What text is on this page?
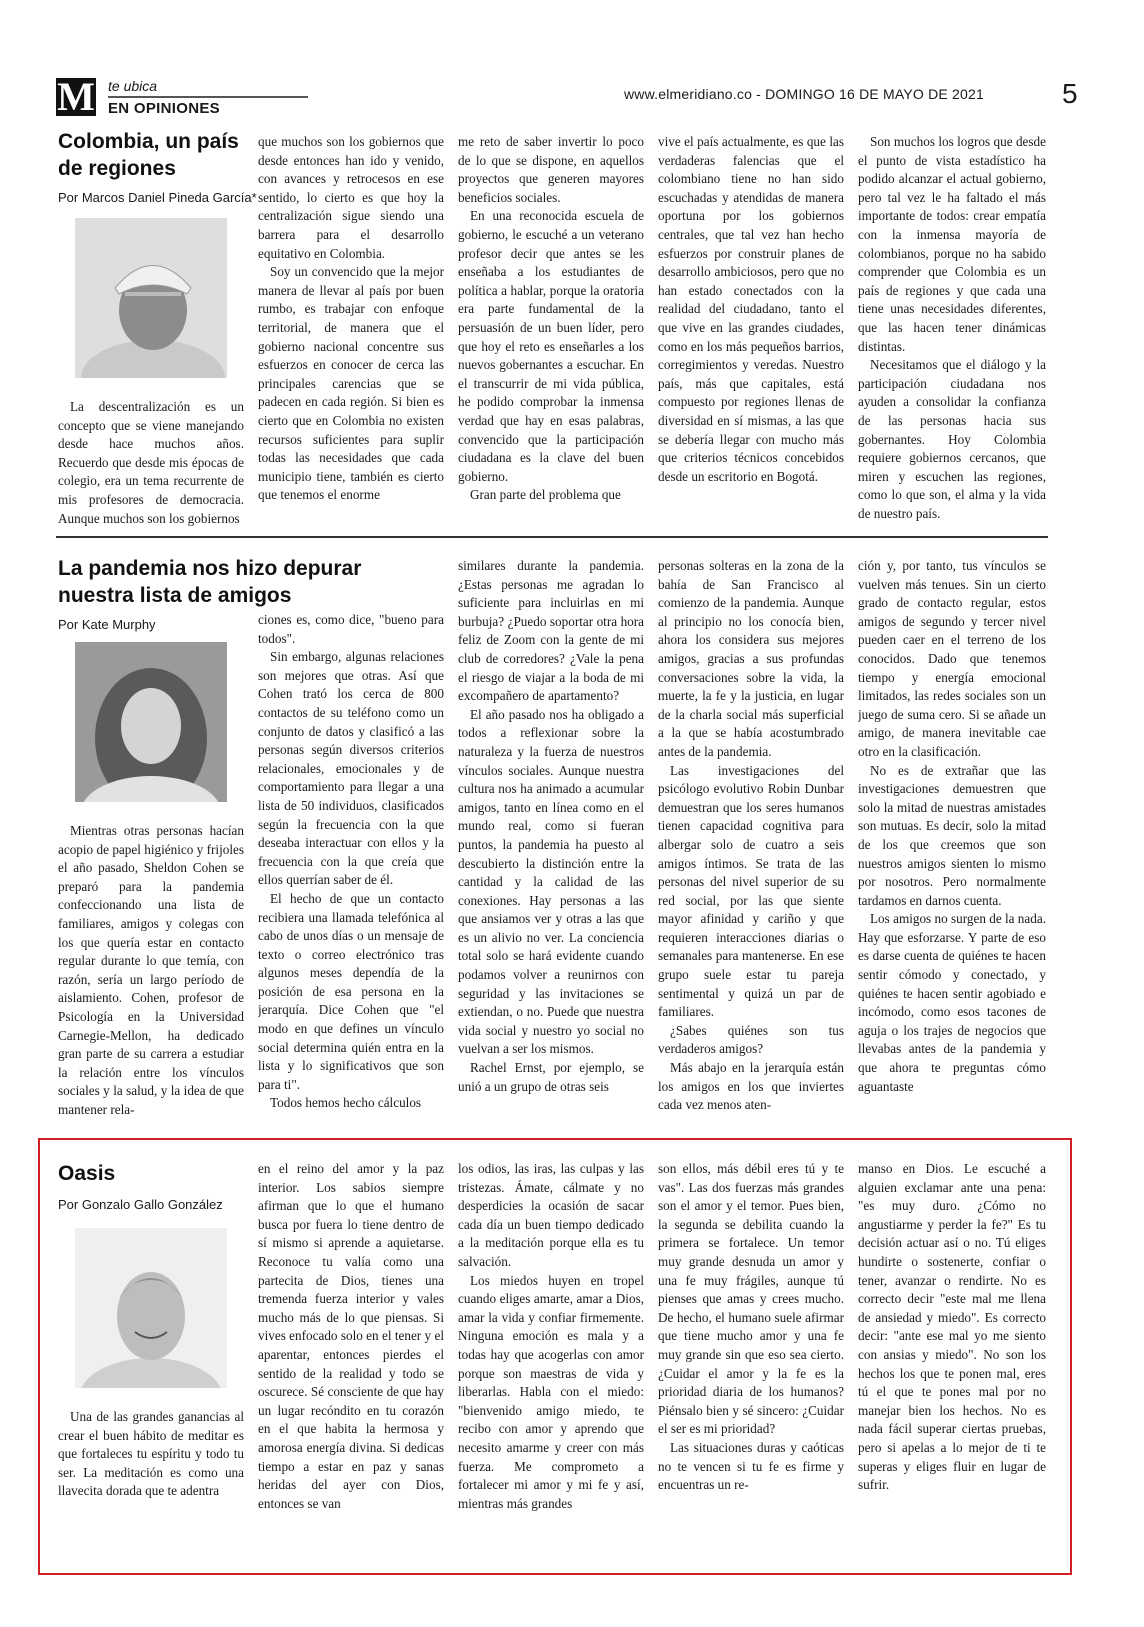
M te ubica
EN OPINIONES
www.elmeridiano.co - DOMINGO 16 DE MAYO DE 2021	5
Colombia, un país
de regiones
Por Marcos Daniel Pineda García*

La descentralización es un concepto que se viene manejando desde hace muchos años. Recuerdo que desde mis épocas de colegio, era un tema recurrente de mis profesores de democracia. Aunque muchos son los gobiernos

que muchos son los gobiernos que desde entonces han ido y venido, con avances y retrocesos en ese sentido, lo cierto es que hoy la centralización sigue siendo una barrera para el desarrollo equitativo en Colombia.

Soy un convencido que la mejor manera de llevar al país por buen rumbo, es trabajar con enfoque territorial, de manera que el gobierno nacional concentre sus esfuerzos en conocer de cerca las principales carencias que se padecen en cada región. Si bien es cierto que en Colombia no existen recursos suficientes para suplir todas las necesidades que cada municipio tiene, también es cierto que tenemos el enorme

me reto de saber invertir lo poco de lo que se dispone, en aquellos proyectos que generen mayores beneficios sociales.

En una reconocida escuela de gobierno, le escuché a un veterano profesor decir que antes se les enseñaba a los estudiantes de política a hablar, porque la oratoria era parte fundamental de la persuasión de un buen líder, pero que hoy el reto es enseñarles a los nuevos gobernantes a escuchar. En el transcurrir de mi vida pública, he podido comprobar la inmensa verdad que hay en esas palabras, convencido que la participación ciudadana es la clave del buen gobierno.

Gran parte del problema que

vive el país actualmente, es que las verdaderas falencias que el colombiano tiene no han sido escuchadas y atendidas de manera oportuna por los gobiernos centrales, que tal vez han hecho esfuerzos por construir planes de desarrollo ambiciosos, pero que no han estado conectados con la realidad del ciudadano, tanto el que vive en las grandes ciudades, como en los más pequeños barrios, corregimientos y veredas. Nuestro país, más que capitales, está compuesto por regiones llenas de diversidad en sí mismas, a las que se debería llegar con mucho más que criterios técnicos concebidos desde un escritorio en Bogotá.

Son muchos los logros que desde el punto de vista estadístico ha podido alcanzar el actual gobierno, pero tal vez le ha faltado el más importante de todos: crear empatía con la inmensa mayoría de colombianos, porque no ha sabido comprender que Colombia es un país de regiones y que cada una tiene unas necesidades diferentes, que las hacen tener dinámicas distintas.

Necesitamos que el diálogo y la participación ciudadana nos ayuden a consolidar la confianza de las personas hacia sus gobernantes. Hoy Colombia requiere gobiernos cercanos, que miren y escuchen las regiones, como lo que son, el alma y la vida de nuestro país.

La pandemia nos hizo depurar
nuestra lista de amigos
Por Kate Murphy

Mientras otras personas hacían acopio de papel higiénico y frijoles el año pasado, Sheldon Cohen se preparó para la pandemia confeccionando una lista de familiares, amigos y colegas con los que quería estar en contacto regular durante lo que temía, con razón, sería un largo período de aislamiento. Cohen, profesor de Psicología en la Universidad Carnegie-Mellon, ha dedicado gran parte de su carrera a estudiar la relación entre los vínculos sociales y la salud, y la idea de que mantener rela-

ciones es, como dice, "bueno para todos".

Sin embargo, algunas relaciones son mejores que otras. Así que Cohen trató los cerca de 800 contactos de su teléfono como un conjunto de datos y clasificó a las personas según diversos criterios relacionales, emocionales y de comportamiento para llegar a una lista de 50 individuos, clasificados según la frecuencia con la que deseaba interactuar con ellos y la frecuencia con la que creía que ellos querrían saber de él.

El hecho de que un contacto recibiera una llamada telefónica al cabo de unos días o un mensaje de texto o correo electrónico tras algunos meses dependía de la posición de esa persona en la jerarquía. Dice Cohen que "el modo en que defines un vínculo social determina quién entra en la lista y lo significativos que son para ti".

Todos hemos hecho cálculos

similares durante la pandemia. ¿Estas personas me agradan lo suficiente para incluirlas en mi burbuja? ¿Puedo soportar otra hora feliz de Zoom con la gente de mi club de corredores? ¿Vale la pena el riesgo de viajar a la boda de mi excompañero de apartamento?

El año pasado nos ha obligado a todos a reflexionar sobre la naturaleza y la fuerza de nuestros vínculos sociales. Aunque nuestra cultura nos ha animado a acumular amigos, tanto en línea como en el mundo real, como si fueran puntos, la pandemia ha puesto al descubierto la distinción entre la cantidad y la calidad de las conexiones. Hay personas a las que ansiamos ver y otras a las que es un alivio no ver. La conciencia total solo se hará evidente cuando podamos volver a reunirnos con seguridad y las invitaciones se extiendan, o no. Puede que nuestra vida social y nuestro yo social no vuelvan a ser los mismos.

Rachel Ernst, por ejemplo, se unió a un grupo de otras seis

personas solteras en la zona de la bahía de San Francisco al comienzo de la pandemia. Aunque al principio no los conocía bien, ahora los considera sus mejores amigos, gracias a sus profundas conversaciones sobre la vida, la muerte, la fe y la justicia, en lugar de la charla social más superficial a la que se había acostumbrado antes de la pandemia.

Las investigaciones del psicólogo evolutivo Robin Dunbar demuestran que los seres humanos tienen capacidad cognitiva para albergar solo de cuatro a seis amigos íntimos. Se trata de las personas del nivel superior de su red social, por las que siente mayor afinidad y cariño y que requieren interacciones diarias o semanales para mantenerse. En ese grupo suele estar tu pareja sentimental y quizá un par de familiares.

¿Sabes quiénes son tus verdaderos amigos?

Más abajo en la jerarquía están los amigos en los que inviertes cada vez menos aten-

ción y, por tanto, tus vínculos se vuelven más tenues. Sin un cierto grado de contacto regular, estos amigos de segundo y tercer nivel pueden caer en el terreno de los conocidos. Dado que tenemos tiempo y energía emocional limitados, las redes sociales son un juego de suma cero. Si se añade un amigo, de manera inevitable cae otro en la clasificación.

No es de extrañar que las investigaciones demuestren que solo la mitad de nuestras amistades son mutuas. Es decir, solo la mitad de los que creemos que son nuestros amigos sienten lo mismo por nosotros. Pero normalmente tardamos en darnos cuenta.

Los amigos no surgen de la nada. Hay que esforzarse. Y parte de eso es darse cuenta de quiénes te hacen sentir cómodo y conectado, y quiénes te hacen sentir agobiado e incómodo, como esos tacones de aguja o los trajes de negocios que llevabas antes de la pandemia y que ahora te preguntas cómo aguantaste

Oasis
Por Gonzalo Gallo González

Una de las grandes ganancias al crear el buen hábito de meditar es que fortaleces tu espíritu y todo tu ser. La meditación es como una llavecita dorada que te adentra

en el reino del amor y la paz interior. Los sabios siempre afirman que lo que el humano busca por fuera lo tiene dentro de sí mismo si aprende a aquietarse. Reconoce tu valía como una partecita de Dios, tienes una tremenda fuerza interior y vales mucho más de lo que piensas. Si vives enfocado solo en el tener y el aparentar, entonces pierdes el sentido de la realidad y todo se oscurece. Sé consciente de que hay un lugar recóndito en tu corazón en el que habita la hermosa y amorosa energía divina. Si dedicas tiempo a estar en paz y sanas heridas del ayer con Dios, entonces se van

los odios, las iras, las culpas y las tristezas. Ámate, cálmate y no desperdicies la ocasión de sacar cada día un buen tiempo dedicado a la meditación porque ella es tu salvación.

Los miedos huyen en tropel cuando eliges amarte, amar a Dios, amar la vida y confiar firmemente. Ninguna emoción es mala y a todas hay que acogerlas con amor porque son maestras de vida y liberarlas. Habla con el miedo: "bienvenido amigo miedo, te recibo con amor y aprendo que necesito amarme y creer con más fuerza. Me comprometo a fortalecer mi amor y mi fe y así, mientras más grandes

son ellos, más débil eres tú y te vas". Las dos fuerzas más grandes son el amor y el temor. Pues bien, la segunda se debilita cuando la primera se fortalece. Un temor muy grande desnuda un amor y una fe muy frágiles, aunque tú pienses que amas y crees mucho. De hecho, el humano suele afirmar que tiene mucho amor y una fe muy grande sin que eso sea cierto. ¿Cuidar el amor y la fe es la prioridad diaria de los humanos? Piénsalo bien y sé sincero: ¿Cuidar el ser es mi prioridad?

Las situaciones duras y caóticas no te vencen si tu fe es firme y encuentras un re-

manso en Dios. Le escuché a alguien exclamar ante una pena: "es muy duro. ¿Cómo no angustiarme y perder la fe?" Es tu decisión actuar así o no. Tú eliges hundirte o sostenerte, confiar o tener, avanzar o rendirte. No es correcto decir "este mal me llena de ansiedad y miedo". Es correcto decir: "ante ese mal yo me siento con ansias y miedo". No son los hechos los que te ponen mal, eres tú el que te pones mal por no manejar bien los hechos. No es nada fácil superar ciertas pruebas, pero si apelas a lo mejor de ti te superas y eliges fluir en lugar de sufrir.
